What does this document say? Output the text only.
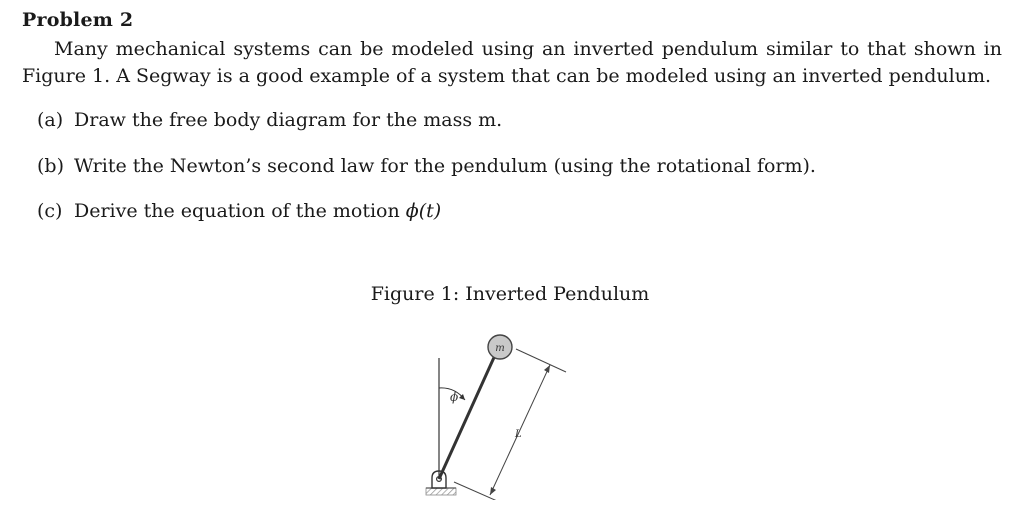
Problem 2
Many mechanical systems can be modeled using an inverted pendulum similar to that shown in
Figure 1. A Segway is a good example of a system that can be modeled using an inverted pendulum.
(a) Draw the free body diagram for the mass m.
(b) Write the Newton’s second law for the pendulum (using the rotational form).
(c) Derive the equation of the motion ϕ(t)
Figure 1: Inverted Pendulum
m
ϕ
L
